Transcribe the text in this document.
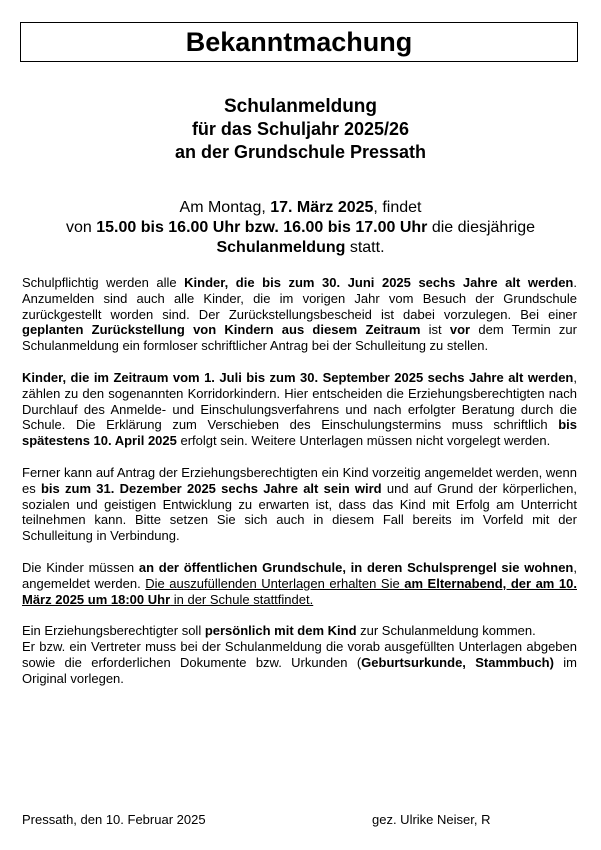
Bekanntmachung
Schulanmeldung
für das Schuljahr 2025/26
an der Grundschule Pressath
Am Montag, 17. März 2025, findet
von 15.00 bis 16.00 Uhr bzw. 16.00 bis 17.00 Uhr die diesjährige
Schulanmeldung statt.

Schulpflichtig werden alle Kinder, die bis zum 30. Juni 2025 sechs Jahre alt werden. Anzumelden sind auch alle Kinder, die im vorigen Jahr vom Besuch der Grundschule zurückgestellt worden sind. Der Zurückstellungsbescheid ist dabei vorzulegen. Bei einer geplanten Zurückstellung von Kindern aus diesem Zeitraum ist vor dem Termin zur Schulanmeldung ein formloser schriftlicher Antrag bei der Schulleitung zu stellen.

Kinder, die im Zeitraum vom 1. Juli bis zum 30. September 2025 sechs Jahre alt werden, zählen zu den sogenannten Korridorkindern. Hier entscheiden die Erziehungsberechtigten nach Durchlauf des Anmelde- und Einschulungsverfahrens und nach erfolgter Beratung durch die Schule. Die Erklärung zum Verschieben des Einschulungstermins muss schriftlich bis spätestens 10. April 2025 erfolgt sein. Weitere Unterlagen müssen nicht vorgelegt werden.

Ferner kann auf Antrag der Erziehungsberechtigten ein Kind vorzeitig angemeldet werden, wenn es bis zum 31. Dezember 2025 sechs Jahre alt sein wird und auf Grund der körperlichen, sozialen und geistigen Entwicklung zu erwarten ist, dass das Kind mit Erfolg am Unterricht teilnehmen kann. Bitte setzen Sie sich auch in diesem Fall bereits im Vorfeld mit der Schulleitung in Verbindung.

Die Kinder müssen an der öffentlichen Grundschule, in deren Schulsprengel sie wohnen, angemeldet werden. Die auszufüllenden Unterlagen erhalten Sie am Elternabend, der am 10. März 2025 um 18:00 Uhr in der Schule stattfindet.

Ein Erziehungsberechtigter soll persönlich mit dem Kind zur Schulanmeldung kommen.

Er bzw. ein Vertreter muss bei der Schulanmeldung die vorab ausgefüllten Unterlagen abgeben sowie die erforderlichen Dokumente bzw. Urkunden (Geburtsurkunde, Stammbuch) im Original vorlegen.

Pressath, den 10. Februar 2025	gez. Ulrike Neiser, R
